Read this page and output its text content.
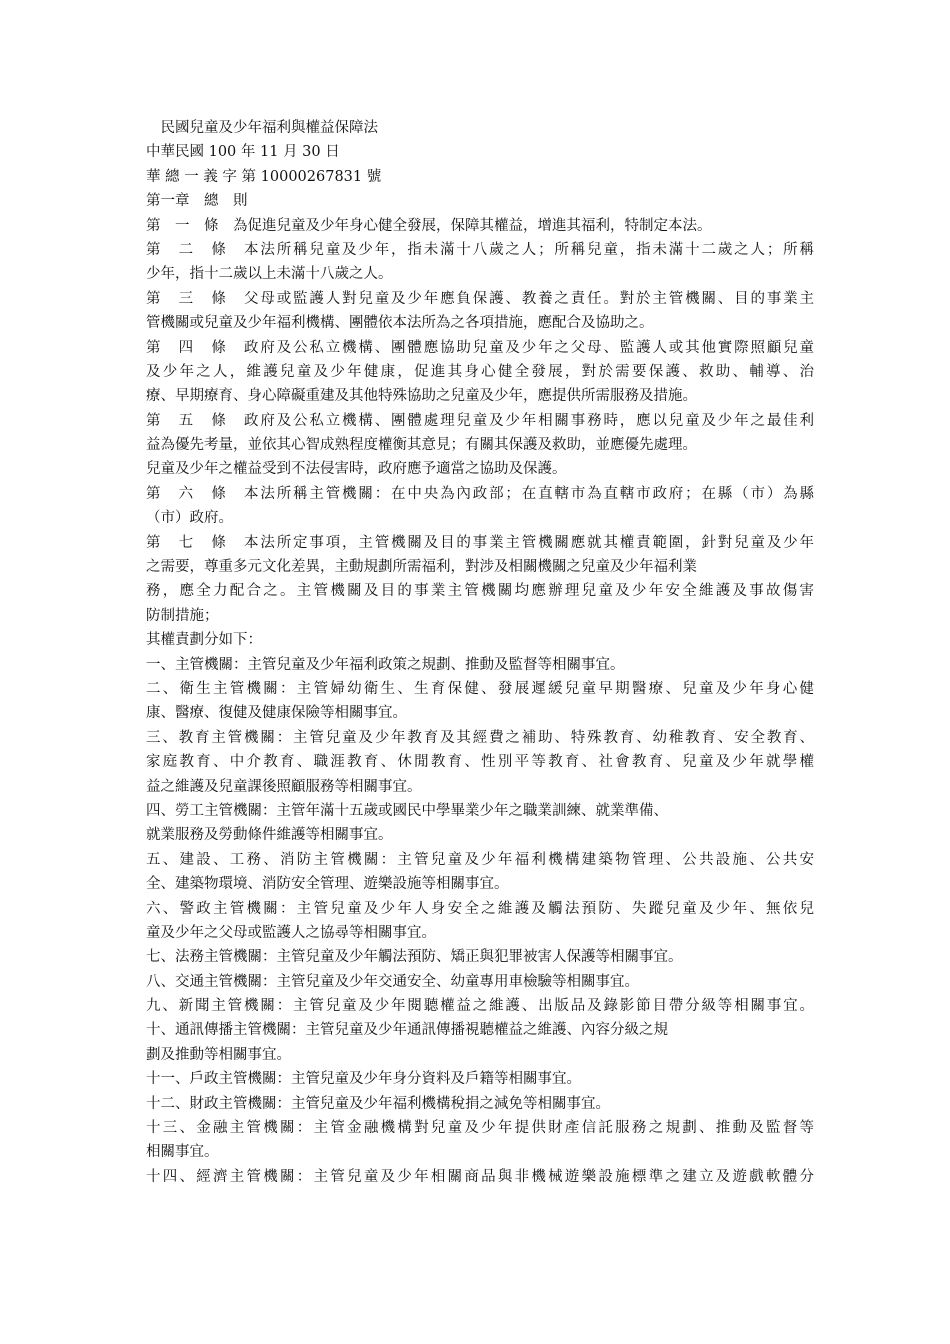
　民國兒童及少年福利與權益保障法
中華民國 100 年 11 月 30 日
華 總 一 義 字 第 10000267831 號
第一章　總　則
第　一　條　為促進兒童及少年身心健全發展，保障其權益，增進其福利，特制定本法。
第　二　條　本法所稱兒童及少年，指未滿十八歲之人；所稱兒童，指未滿十二歲之人；所稱
少年，指十二歲以上未滿十八歲之人。
第　三　條　父母或監護人對兒童及少年應負保護、教養之責任。對於主管機關、目的事業主
管機關或兒童及少年福利機構、團體依本法所為之各項措施，應配合及協助之。
第　四　條　政府及公私立機構、團體應協助兒童及少年之父母、監護人或其他實際照顧兒童
及少年之人，維護兒童及少年健康，促進其身心健全發展，對於需要保護、救助、輔導、治
療、早期療育、身心障礙重建及其他特殊協助之兒童及少年，應提供所需服務及措施。
第　五　條　政府及公私立機構、團體處理兒童及少年相關事務時，應以兒童及少年之最佳利
益為優先考量，並依其心智成熟程度權衡其意見；有關其保護及救助，並應優先處理。
兒童及少年之權益受到不法侵害時，政府應予適當之協助及保護。
第　六　條　本法所稱主管機關：在中央為內政部；在直轄市為直轄市政府；在縣（市）為縣
（市）政府。
第　七　條　本法所定事項，主管機關及目的事業主管機關應就其權責範圍，針對兒童及少年
之需要，尊重多元文化差異，主動規劃所需福利，對涉及相關機關之兒童及少年福利業
務，應全力配合之。主管機關及目的事業主管機關均應辦理兒童及少年安全維護及事故傷害
防制措施；
其權責劃分如下：
一、主管機關：主管兒童及少年福利政策之規劃、推動及監督等相關事宜。
二、衛生主管機關：主管婦幼衛生、生育保健、發展遲緩兒童早期醫療、兒童及少年身心健
康、醫療、復健及健康保險等相關事宜。
三、教育主管機關：主管兒童及少年教育及其經費之補助、特殊教育、幼稚教育、安全教育、
家庭教育、中介教育、職涯教育、休閒教育、性別平等教育、社會教育、兒童及少年就學權
益之維護及兒童課後照顧服務等相關事宜。
四、勞工主管機關：主管年滿十五歲或國民中學畢業少年之職業訓練、就業準備、
就業服務及勞動條件維護等相關事宜。
五、建設、工務、消防主管機關：主管兒童及少年福利機構建築物管理、公共設施、公共安
全、建築物環境、消防安全管理、遊樂設施等相關事宜。
六、警政主管機關：主管兒童及少年人身安全之維護及觸法預防、失蹤兒童及少年、無依兒
童及少年之父母或監護人之協尋等相關事宜。
七、法務主管機關：主管兒童及少年觸法預防、矯正與犯罪被害人保護等相關事宜。
八、交通主管機關：主管兒童及少年交通安全、幼童專用車檢驗等相關事宜。
九、新聞主管機關：主管兒童及少年閱聽權益之維護、出版品及錄影節目帶分級等相關事宜。
十、通訊傳播主管機關：主管兒童及少年通訊傳播視聽權益之維護、內容分級之規
劃及推動等相關事宜。
十一、戶政主管機關：主管兒童及少年身分資料及戶籍等相關事宜。
十二、財政主管機關：主管兒童及少年福利機構稅捐之減免等相關事宜。
十三、金融主管機關：主管金融機構對兒童及少年提供財產信託服務之規劃、推動及監督等
相關事宜。
十四、經濟主管機關：主管兒童及少年相關商品與非機械遊樂設施標準之建立及遊戲軟體分
